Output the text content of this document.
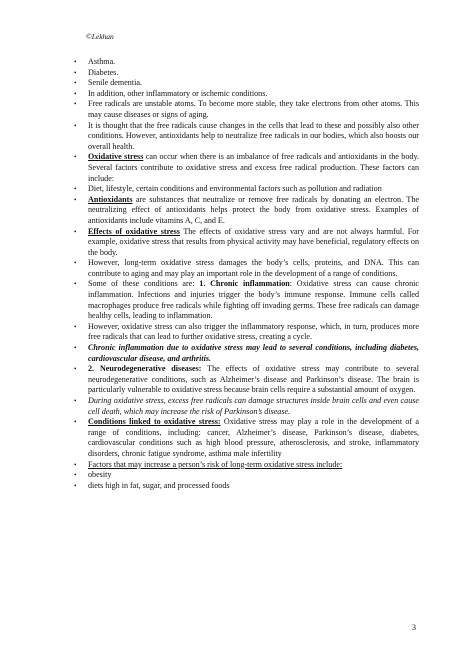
©Lekhan
•	Asthma.
•	Diabetes.
•	Senile dementia.
•	In addition, other inflammatory or ischemic conditions.
•	Free radicals are unstable atoms. To become more stable, they take electrons from other atoms. This may cause diseases or signs of aging.
•	It is thought that the free radicals cause changes in the cells that lead to these and possibly also other conditions. However, antioxidants help to neutralize free radicals in our bodies, which also boosts our overall health.
•	Oxidative stress can occur when there is an imbalance of free radicals and antioxidants in the body. Several factors contribute to oxidative stress and excess free radical production. These factors can include:
•	Diet, lifestyle, certain conditions and environmental factors such as pollution and radiation
•	Antioxidants are substances that neutralize or remove free radicals by donating an electron. The neutralizing effect of antioxidants helps protect the body from oxidative stress. Examples of antioxidants include vitamins A, C, and E.
•	Effects of oxidative stress The effects of oxidative stress vary and are not always harmful. For example, oxidative stress that results from physical activity may have beneficial, regulatory effects on the body.
•	However, long-term oxidative stress damages the body’s cells, proteins, and DNA. This can contribute to aging and may play an important role in the development of a range of conditions.
•	Some of these conditions are: 1. Chronic inflammation: Oxidative stress can cause chronic inflammation. Infections and injuries trigger the body’s immune response. Immune cells called macrophages produce free radicals while fighting off invading germs. These free radicals can damage healthy cells, leading to inflammation.
•	However, oxidative stress can also trigger the inflammatory response, which, in turn, produces more free radicals that can lead to further oxidative stress, creating a cycle.
•	Chronic inflammation due to oxidative stress may lead to several conditions, including diabetes, cardiovascular disease, and arthritis.
•	2. Neurodegenerative diseases: The effects of oxidative stress may contribute to several neurodegenerative conditions, such as Alzheimer’s disease and Parkinson’s disease. The brain is particularly vulnerable to oxidative stress because brain cells require a substantial amount of oxygen.
•	During oxidative stress, excess free radicals can damage structures inside brain cells and even cause cell death, which may increase the risk of Parkinson’s disease.
•	Conditions linked to oxidative stress: Oxidative stress may play a role in the development of a range of conditions, including: cancer, Alzheimer’s disease, Parkinson’s disease, diabetes, cardiovascular conditions such as high blood pressure, atherosclerosis, and stroke, inflammatory disorders, chronic fatigue syndrome, asthma male infertility
•	Factors that may increase a person’s risk of long-term oxidative stress include:
•	obesity
•	diets high in fat, sugar, and processed foods
3
